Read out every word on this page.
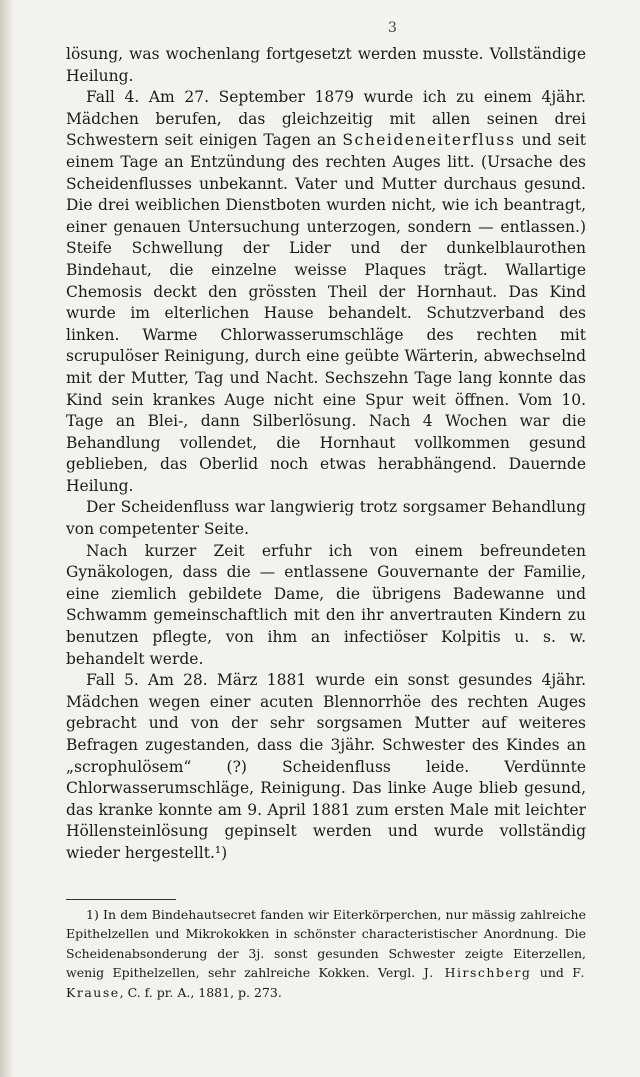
3

lösung, was wochenlang fortgesetzt werden musste. Vollständige Heilung.

Fall 4. Am 27. September 1879 wurde ich zu einem 4jähr. Mädchen berufen, das gleichzeitig mit allen seinen drei Schwestern seit einigen Tagen an Scheideneiterfluss und seit einem Tage an Entzündung des rechten Auges litt. (Ursache des Scheidenflusses unbekannt. Vater und Mutter durchaus gesund. Die drei weiblichen Dienstboten wurden nicht, wie ich beantragt, einer genauen Untersuchung unterzogen, sondern — entlassen.) Steife Schwellung der Lider und der dunkelblaurothen Bindehaut, die einzelne weisse Plaques trägt. Wallartige Chemosis deckt den grössten Theil der Hornhaut. Das Kind wurde im elterlichen Hause behandelt. Schutzverband des linken. Warme Chlorwasserumschläge des rechten mit scrupulöser Reinigung, durch eine geübte Wärterin, abwechselnd mit der Mutter, Tag und Nacht. Sechszehn Tage lang konnte das Kind sein krankes Auge nicht eine Spur weit öffnen. Vom 10. Tage an Blei-, dann Silberlösung. Nach 4 Wochen war die Behandlung vollendet, die Hornhaut vollkommen gesund geblieben, das Oberlid noch etwas herabhängend. Dauernde Heilung.

Der Scheidenfluss war langwierig trotz sorgsamer Behandlung von competenter Seite.

Nach kurzer Zeit erfuhr ich von einem befreundeten Gynäkologen, dass die — entlassene Gouvernante der Familie, eine ziemlich gebildete Dame, die übrigens Badewanne und Schwamm gemeinschaftlich mit den ihr anvertrauten Kindern zu benutzen pflegte, von ihm an infectiöser Kolpitis u. s. w. behandelt werde.

Fall 5. Am 28. März 1881 wurde ein sonst gesundes 4jähr. Mädchen wegen einer acuten Blennorrhöe des rechten Auges gebracht und von der sehr sorgsamen Mutter auf weiteres Befragen zugestanden, dass die 3jähr. Schwester des Kindes an „scrophulösem“ (?) Scheidenfluss leide. Verdünnte Chlorwasserumschläge, Reinigung. Das linke Auge blieb gesund, das kranke konnte am 9. April 1881 zum ersten Male mit leichter Höllensteinlösung gepinselt werden und wurde vollständig wieder hergestellt.¹)

1) In dem Bindehautsecret fanden wir Eiterkörperchen, nur mässig zahlreiche Epithelzellen und Mikrokokken in schönster characteristischer Anordnung. Die Scheidenabsonderung der 3j. sonst gesunden Schwester zeigte Eiterzellen, wenig Epithelzellen, sehr zahlreiche Kokken. Vergl. J. Hirschberg und F. Krause, C. f. pr. A., 1881, p. 273.
